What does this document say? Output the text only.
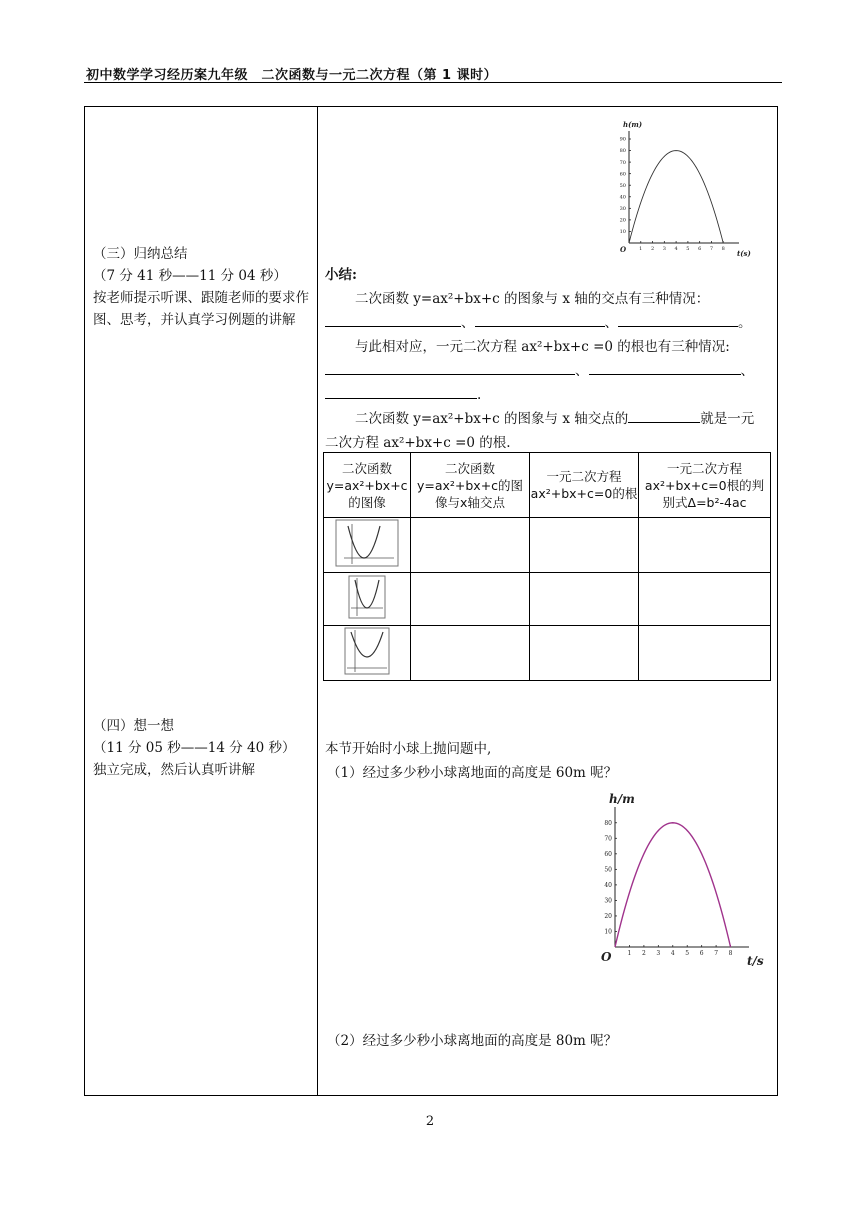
初中数学学习经历案九年级　二次函数与一元二次方程（第 1 课时）
（三）归纳总结
（7 分 41 秒——11 分 04 秒）
按老师提示听课、跟随老师的要求作图、思考，并认真学习例题的讲解
（四）想一想
（11 分 05 秒——14 分 40 秒）
独立完成，然后认真听讲解
1 2 3 4 5 6 7 8
10
20
30
40
50
60
70
80
90
h(m)
t(s)
O
小结:
二次函数 y=ax²+bx+c 的图象与 x 轴的交点有三种情况：
、	、	。
与此相对应，一元二次方程 ax²+bx+c =0 的根也有三种情况:
、	、
.
二次函数 y=ax²+bx+c 的图象与 x 轴交点的	就是一元
二次方程 ax²+bx+c =0 的根.
二次函数 y=ax²+bx+c 的图像	二次函数 y=ax²+bx+c的图像与x轴交点	一元二次方程 ax²+bx+c=0的根	一元二次方程 ax²+bx+c=0根的判别式Δ=b²-4ac

本节开始时小球上抛问题中,
（1）经过多少秒小球离地面的高度是 60m 呢？
1 2 3 4 5 6 7 8
10
20
30
40
50
60
70
80
h/m
t/s
O
（2）经过多少秒小球离地面的高度是 80m 呢？
2
